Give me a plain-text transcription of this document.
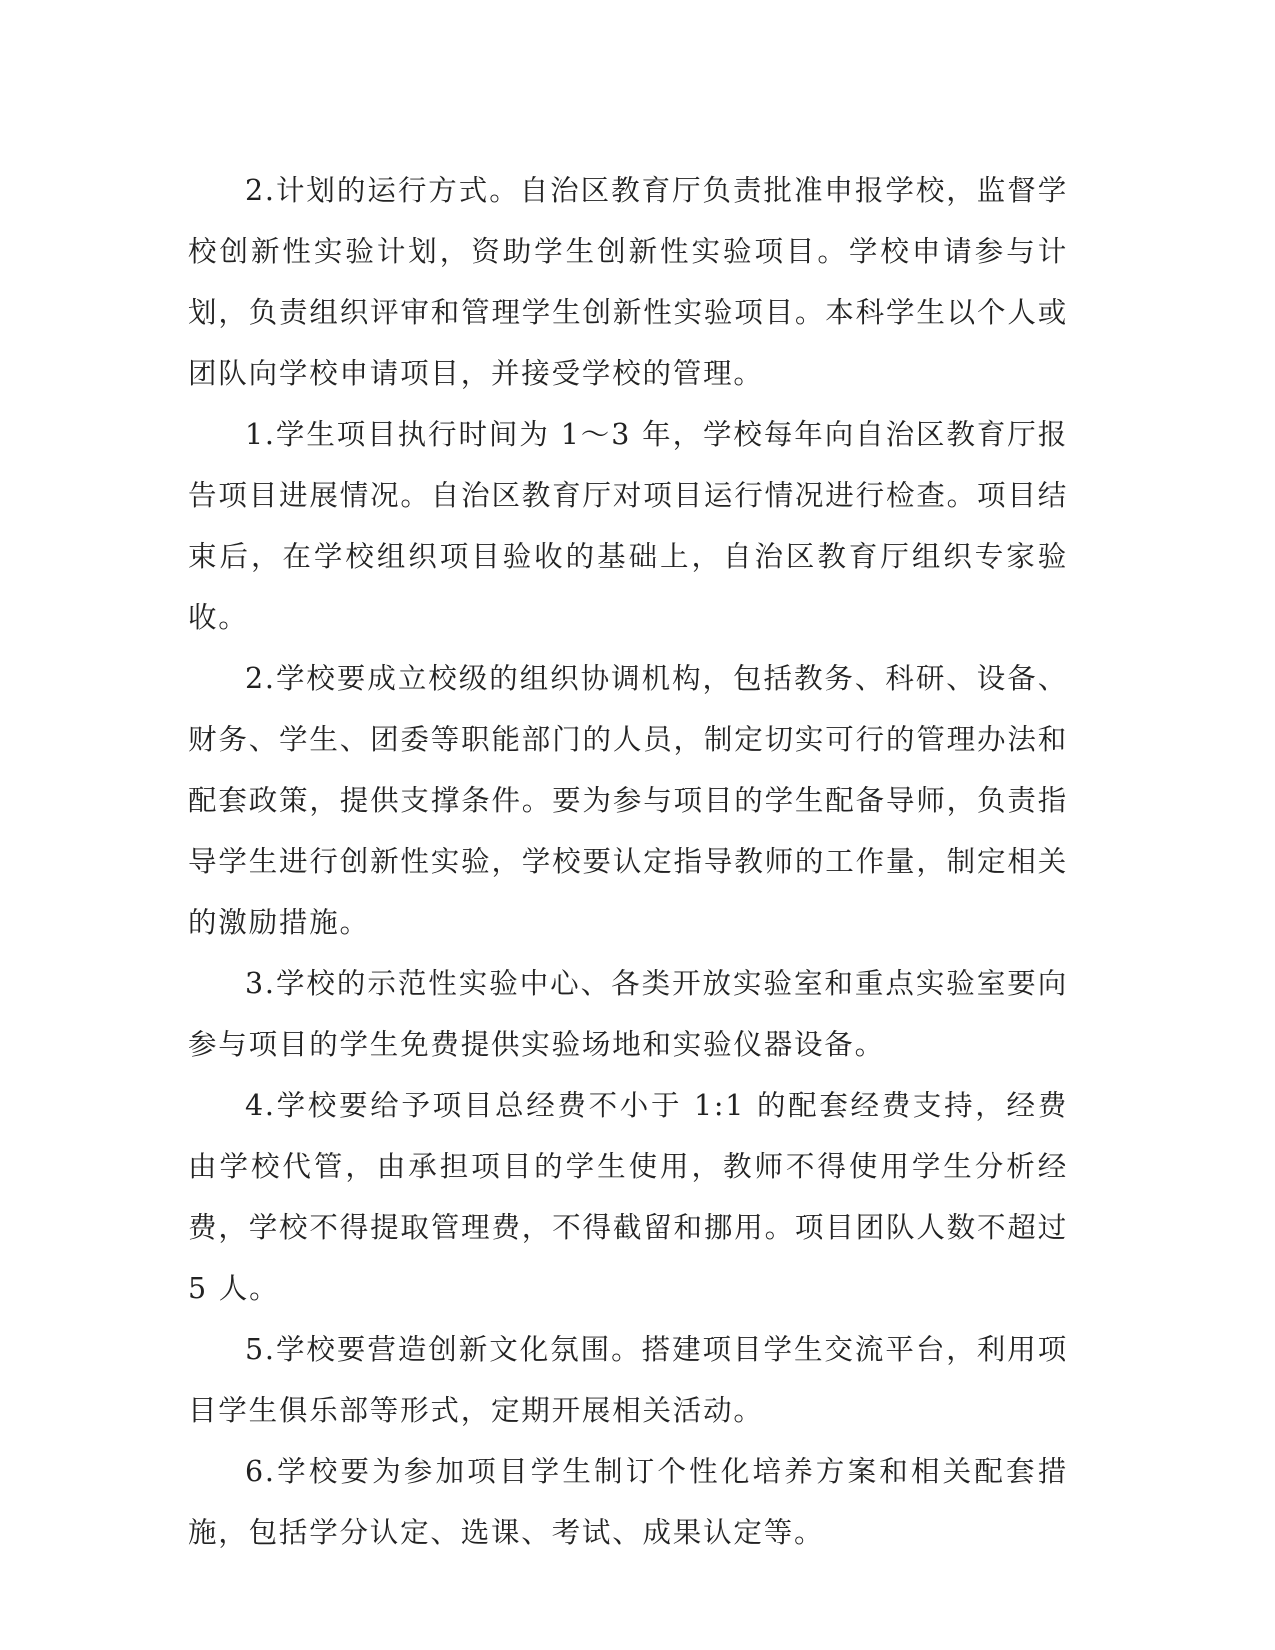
2.计划的运行方式。自治区教育厅负责批准申报学校，监督学校创新性实验计划，资助学生创新性实验项目。学校申请参与计划，负责组织评审和管理学生创新性实验项目。本科学生以个人或团队向学校申请项目，并接受学校的管理。

1.学生项目执行时间为 1～3 年，学校每年向自治区教育厅报告项目进展情况。自治区教育厅对项目运行情况进行检查。项目结束后，在学校组织项目验收的基础上，自治区教育厅组织专家验收。

2.学校要成立校级的组织协调机构，包括教务、科研、设备、财务、学生、团委等职能部门的人员，制定切实可行的管理办法和配套政策，提供支撑条件。要为参与项目的学生配备导师，负责指导学生进行创新性实验，学校要认定指导教师的工作量，制定相关的激励措施。

3.学校的示范性实验中心、各类开放实验室和重点实验室要向参与项目的学生免费提供实验场地和实验仪器设备。

4.学校要给予项目总经费不小于 1:1 的配套经费支持，经费由学校代管，由承担项目的学生使用，教师不得使用学生分析经费，学校不得提取管理费，不得截留和挪用。项目团队人数不超过 5 人。

5.学校要营造创新文化氛围。搭建项目学生交流平台，利用项目学生俱乐部等形式，定期开展相关活动。

6.学校要为参加项目学生制订个性化培养方案和相关配套措施，包括学分认定、选课、考试、成果认定等。
